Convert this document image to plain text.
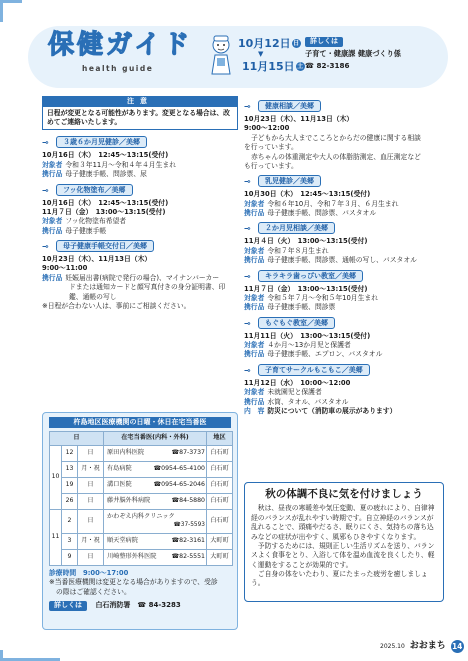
保健ガイド
health guide
10月12日 日
▼
11月15日 土
詳しくは
子育て・健康課 健康づくり係
☎ 82-3186
注意
日程が変更となる可能性があります。変更となる場合は、改めてご連絡いたします。
⊸ ３歳６か月児健診／美郷
10月16日（木）　12:45～13:15(受付)
対象者 令和３年11月～令和４年４月生まれ
携行品 母子健康手帳、問診票、尿
⊸ フッ化物塗布／美郷
10月16日（木）　12:45～13:15(受付)
11月７日（金）　13:00～13:15(受付)
対象者 フッ化物塗布希望者
携行品 母子健康手帳
⊸ 母子健康手帳交付日／美郷
10月23日（木）、11月13日（木）
9:00～11:00
携行品 妊娠届出書(病院で発行の場合)、マイナンバーカー
ドまたは通知カードと顔写真付きの身分証明書、印
鑑、通帳の写し
※日程が合わない人は、事前にご相談ください。
杵島地区医療機関の日曜・休日在宅当番医
日			在宅当番医(内科・外科)	地区
10	12	日	原田内科医院 ☎87-3737	白石町
	13	月・祝	有島病院 ☎0954-65-4100	白石町
	19	日	溝口医院 ☎0954-65-2046	白石町
	26	日	藤井脳外科病院 ☎84-5880	白石町
11	2	日	かわぞえ内科クリニック
☎37-5593	白石町
	3	月・祝	順天堂病院 ☎82-3161	大町町
	9	日	川崎整形外科医院 ☎82-5551	大町町
診療時間　9:00～17:00
※当番医療機関は変更となる場合がありますので、受診
の際はご確認ください。
詳しくは 白石消防署　☎ 84-3283
⊸ 健康相談／美郷
10月23日（木）、11月13日（木）
9:00～12:00
子どもから大人までこころとからだの健康に関する相談
を行っています。
赤ちゃんの体重測定や大人の体脂肪測定、血圧測定など
も行っています。
⊸ 乳児健診／美郷
10月30日（木）　12:45～13:15(受付)
対象者 令和６年10月、令和７年３月、６月生まれ
携行品 母子健康手帳、問診票、バスタオル
⊸ ２か月児相談／美郷
11月４日（火）　13:00～13:15(受付)
対象者 令和７年８月生まれ
携行品 母子健康手帳、問診票、通帳の写し、バスタオル
⊸ キラキラ歯っぴい教室／美郷
11月７日（金）　13:00～13:15(受付)
対象者 令和５年７月～令和５年10月生まれ
携行品 母子健康手帳、問診票
⊸ もぐもぐ教室／美郷
11月11日（火）　13:00～13:15(受付)
対象者 ４か月～13か月児と保護者
携行品 母子健康手帳、エプロン、バスタオル
⊸ 子育てサークルもこもこ／美郷
11月12日（水）　10:00～12:00
対象者 未就園児と保護者
携行品 水筒、タオル、バスタオル
内　容 防災について（消防車の展示があります）
秋の体調不良に気を付けましょう

秋は、昼夜の寒暖差や気圧変動、夏の疲れにより、自律神経のバランスが乱れやすい時期です。自立神経のバランスが乱れることで、頭痛やだるさ、眠りにくさ、気持ちの落ち込みなどの症状が出やすく、風邪もひきやすくなります。

予防するためには、規則正しい生活リズムを送り、バランスよく食事をとり、入浴して体を温め血流を良くしたり、軽く運動をすることが効果的です。

ご自身の体をいたわり、夏にたまった疲労を癒しましょう。

2025.10 おおまち 14
